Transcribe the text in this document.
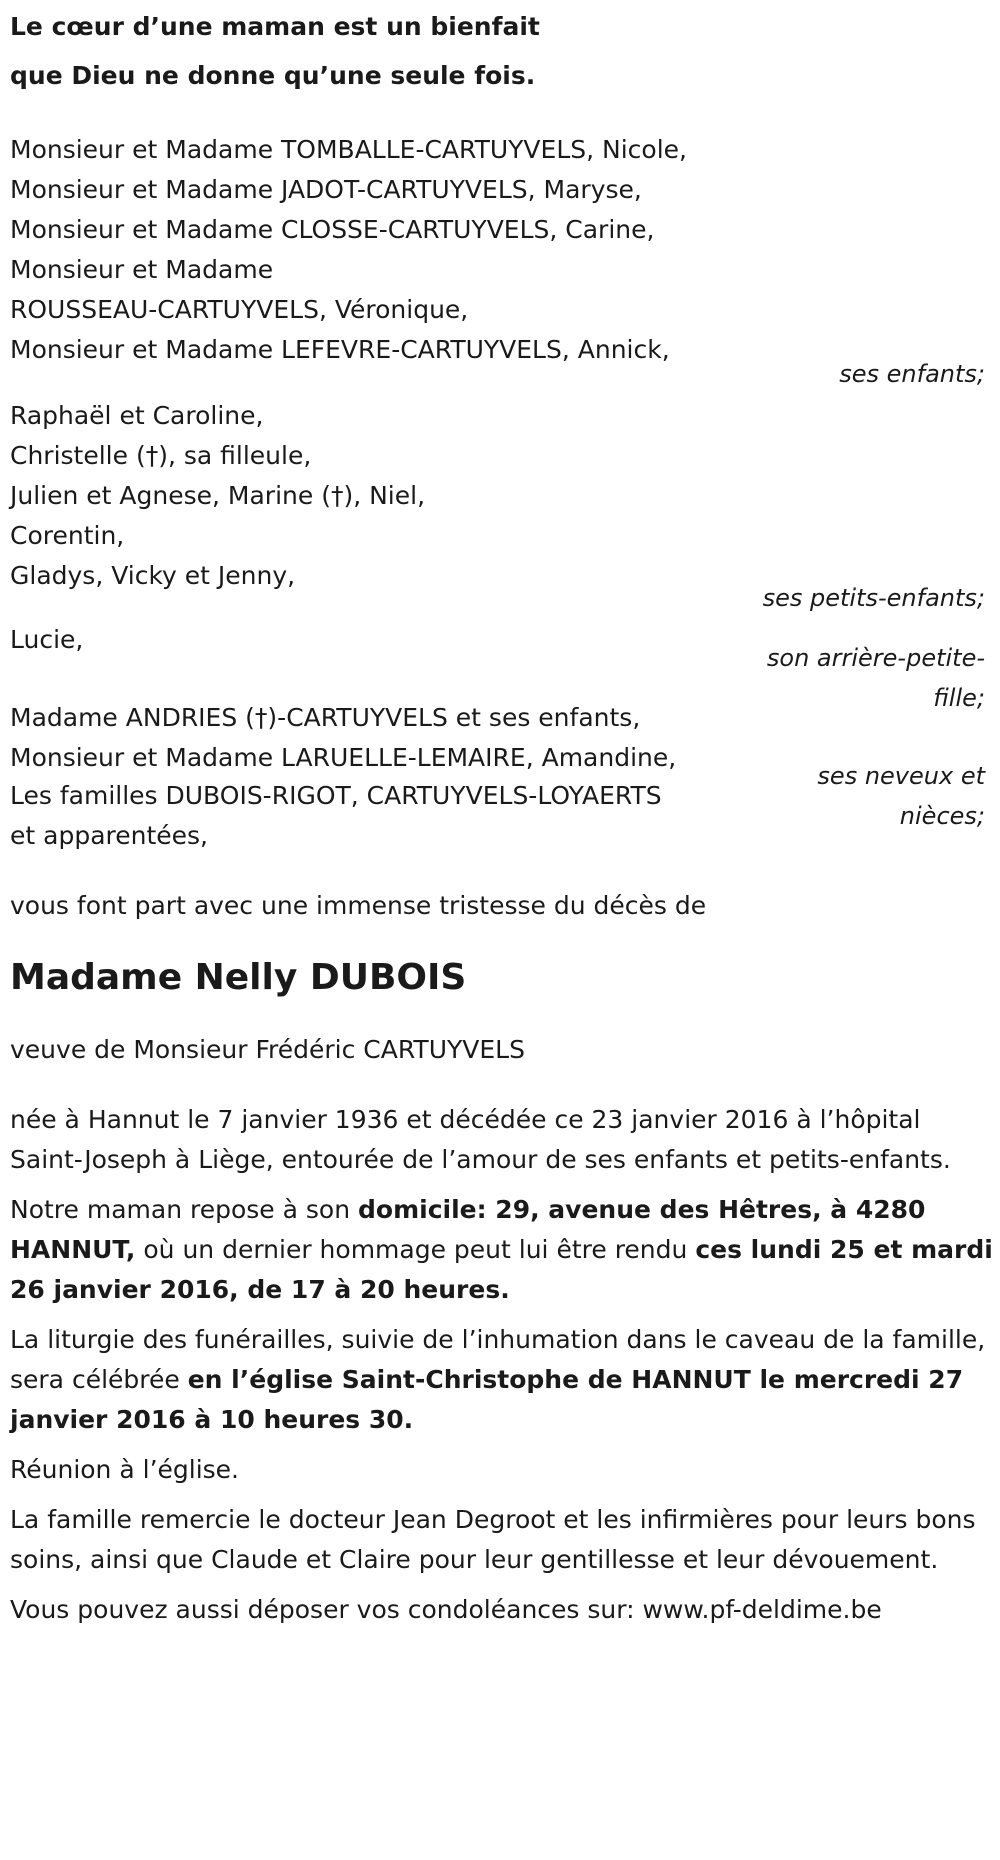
Le cœur d’une maman est un bienfait
que Dieu ne donne qu’une seule fois.
Monsieur et Madame TOMBALLE-CARTUYVELS, Nicole,
Monsieur et Madame JADOT-CARTUYVELS, Maryse,
Monsieur et Madame CLOSSE-CARTUYVELS, Carine,
Monsieur et Madame
ROUSSEAU-CARTUYVELS, Véronique,
Monsieur et Madame LEFEVRE-CARTUYVELS, Annick,
ses enfants;
Raphaël et Caroline,
Christelle (†), sa filleule,
Julien et Agnese, Marine (†), Niel,
Corentin,
Gladys, Vicky et Jenny,
ses petits-enfants;
Lucie,
son arrière-petite-
fille;
Madame ANDRIES (†)-CARTUYVELS et ses enfants,
Monsieur et Madame LARUELLE-LEMAIRE, Amandine,
ses neveux et
nièces;
Les familles DUBOIS-RIGOT, CARTUYVELS-LOYAERTS
et apparentées,
vous font part avec une immense tristesse du décès de
Madame Nelly DUBOIS
veuve de Monsieur Frédéric CARTUYVELS
née à Hannut le 7 janvier 1936 et décédée ce 23 janvier 2016 à l’hôpital Saint-Joseph à Liège, entourée de l’amour de ses enfants et petits-enfants.
Notre maman repose à son domicile: 29, avenue des Hêtres, à 4280 HANNUT, où un dernier hommage peut lui être rendu ces lundi 25 et mardi 26 janvier 2016, de 17 à 20 heures.
La liturgie des funérailles, suivie de l’inhumation dans le caveau de la famille, sera célébrée en l’église Saint-Christophe de HANNUT le mercredi 27 janvier 2016 à 10 heures 30.
Réunion à l’église.
La famille remercie le docteur Jean Degroot et les infirmières pour leurs bons soins, ainsi que Claude et Claire pour leur gentillesse et leur dévouement.
Vous pouvez aussi déposer vos condoléances sur: www.pf-deldime.be
